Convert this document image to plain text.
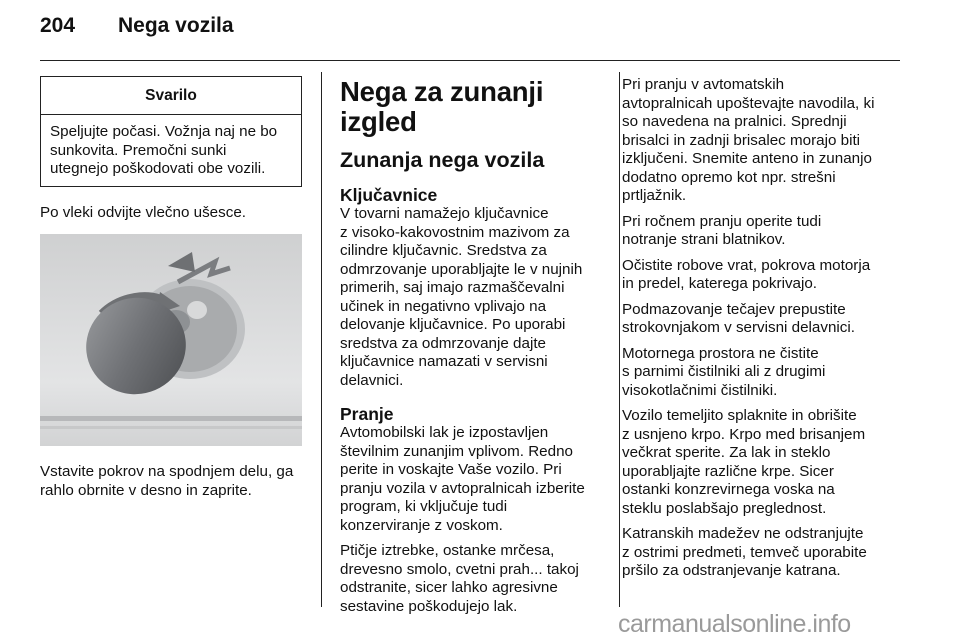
204 Nega vozila
Svarilo
Speljujte počasi. Vožnja naj ne bo
sunkovita. Premočni sunki
utegnejo poškodovati obe vozili.

Po vleki odvijte vlečno ušesce.

Vstavite pokrov na spodnjem delu, ga
rahlo obrnite v desno in zaprite.

Nega za zunanji izgled
Zunanja nega vozila
Ključavnice

V tovarni namažejo ključavnice
z visoko-kakovostnim mazivom za
cilindre ključavnic. Sredstva za
odmrzovanje uporabljajte le v nujnih
primerih, saj imajo razmaščevalni
učinek in negativno vplivajo na
delovanje ključavnice. Po uporabi
sredstva za odmrzovanje dajte
ključavnice namazati v servisni
delavnici.

Pranje

Avtomobilski lak je izpostavljen
številnim zunanjim vplivom. Redno
perite in voskajte Vaše vozilo. Pri
pranju vozila v avtopralnicah izberite
program, ki vključuje tudi
konzerviranje z voskom.

Ptičje iztrebke, ostanke mrčesa,
drevesno smolo, cvetni prah... takoj
odstranite, sicer lahko agresivne
sestavine poškodujejo lak.

Pri pranju v avtomatskih
avtopralnicah upoštevajte navodila, ki
so navedena na pralnici. Sprednji
brisalci in zadnji brisalec morajo biti
izključeni. Snemite anteno in zunanjo
dodatno opremo kot npr. strešni
prtljažnik.

Pri ročnem pranju operite tudi
notranje strani blatnikov.

Očistite robove vrat, pokrova motorja
in predel, katerega pokrivajo.

Podmazovanje tečajev prepustite
strokovnjakom v servisni delavnici.

Motornega prostora ne čistite
s parnimi čistilniki ali z drugimi
visokotlačnimi čistilniki.

Vozilo temeljito splaknite in obrišite
z usnjeno krpo. Krpo med brisanjem
večkrat sperite. Za lak in steklo
uporabljajte različne krpe. Sicer
ostanki konzrevirnega voska na
steklu poslabšajo preglednost.

Katranskih madežev ne odstranjujte
z ostrimi predmeti, temveč uporabite
pršilo za odstranjevanje katrana.

carmanualsonline.info
